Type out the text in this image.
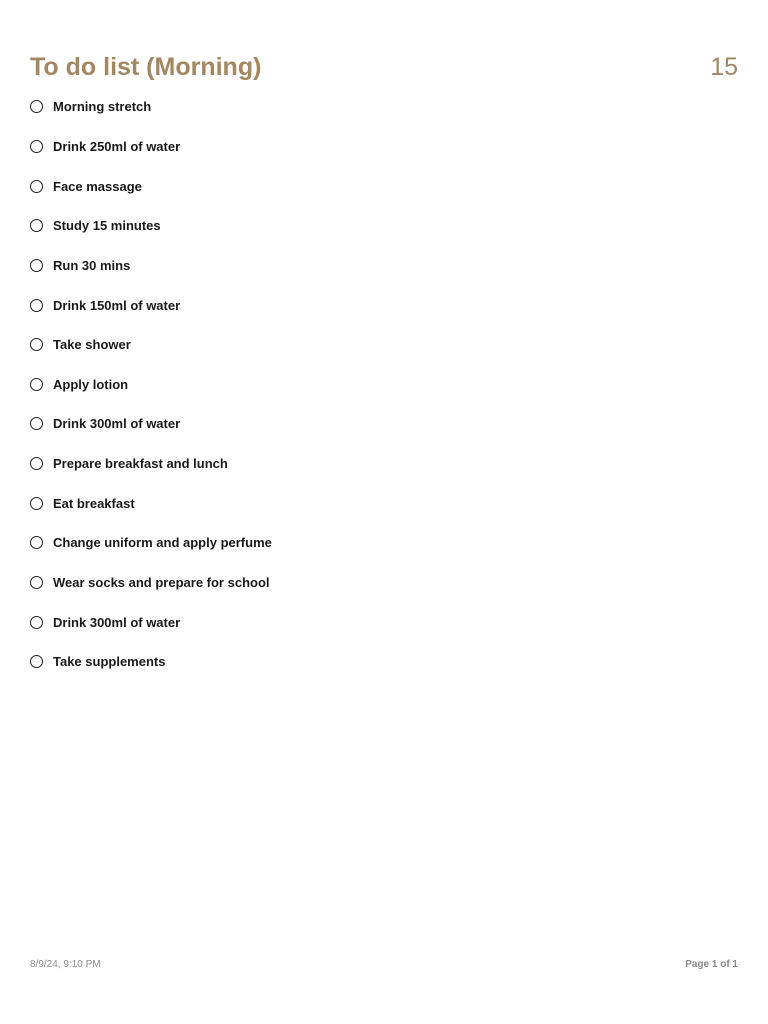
To do list (Morning)	15
Morning stretch
Drink 250ml of water
Face massage
Study 15 minutes
Run 30 mins
Drink 150ml of water
Take shower
Apply lotion
Drink 300ml of water
Prepare breakfast and lunch
Eat breakfast
Change uniform and apply perfume
Wear socks and prepare for school
Drink 300ml of water
Take supplements
8/9/24, 9:10 PM	Page 1 of 1
